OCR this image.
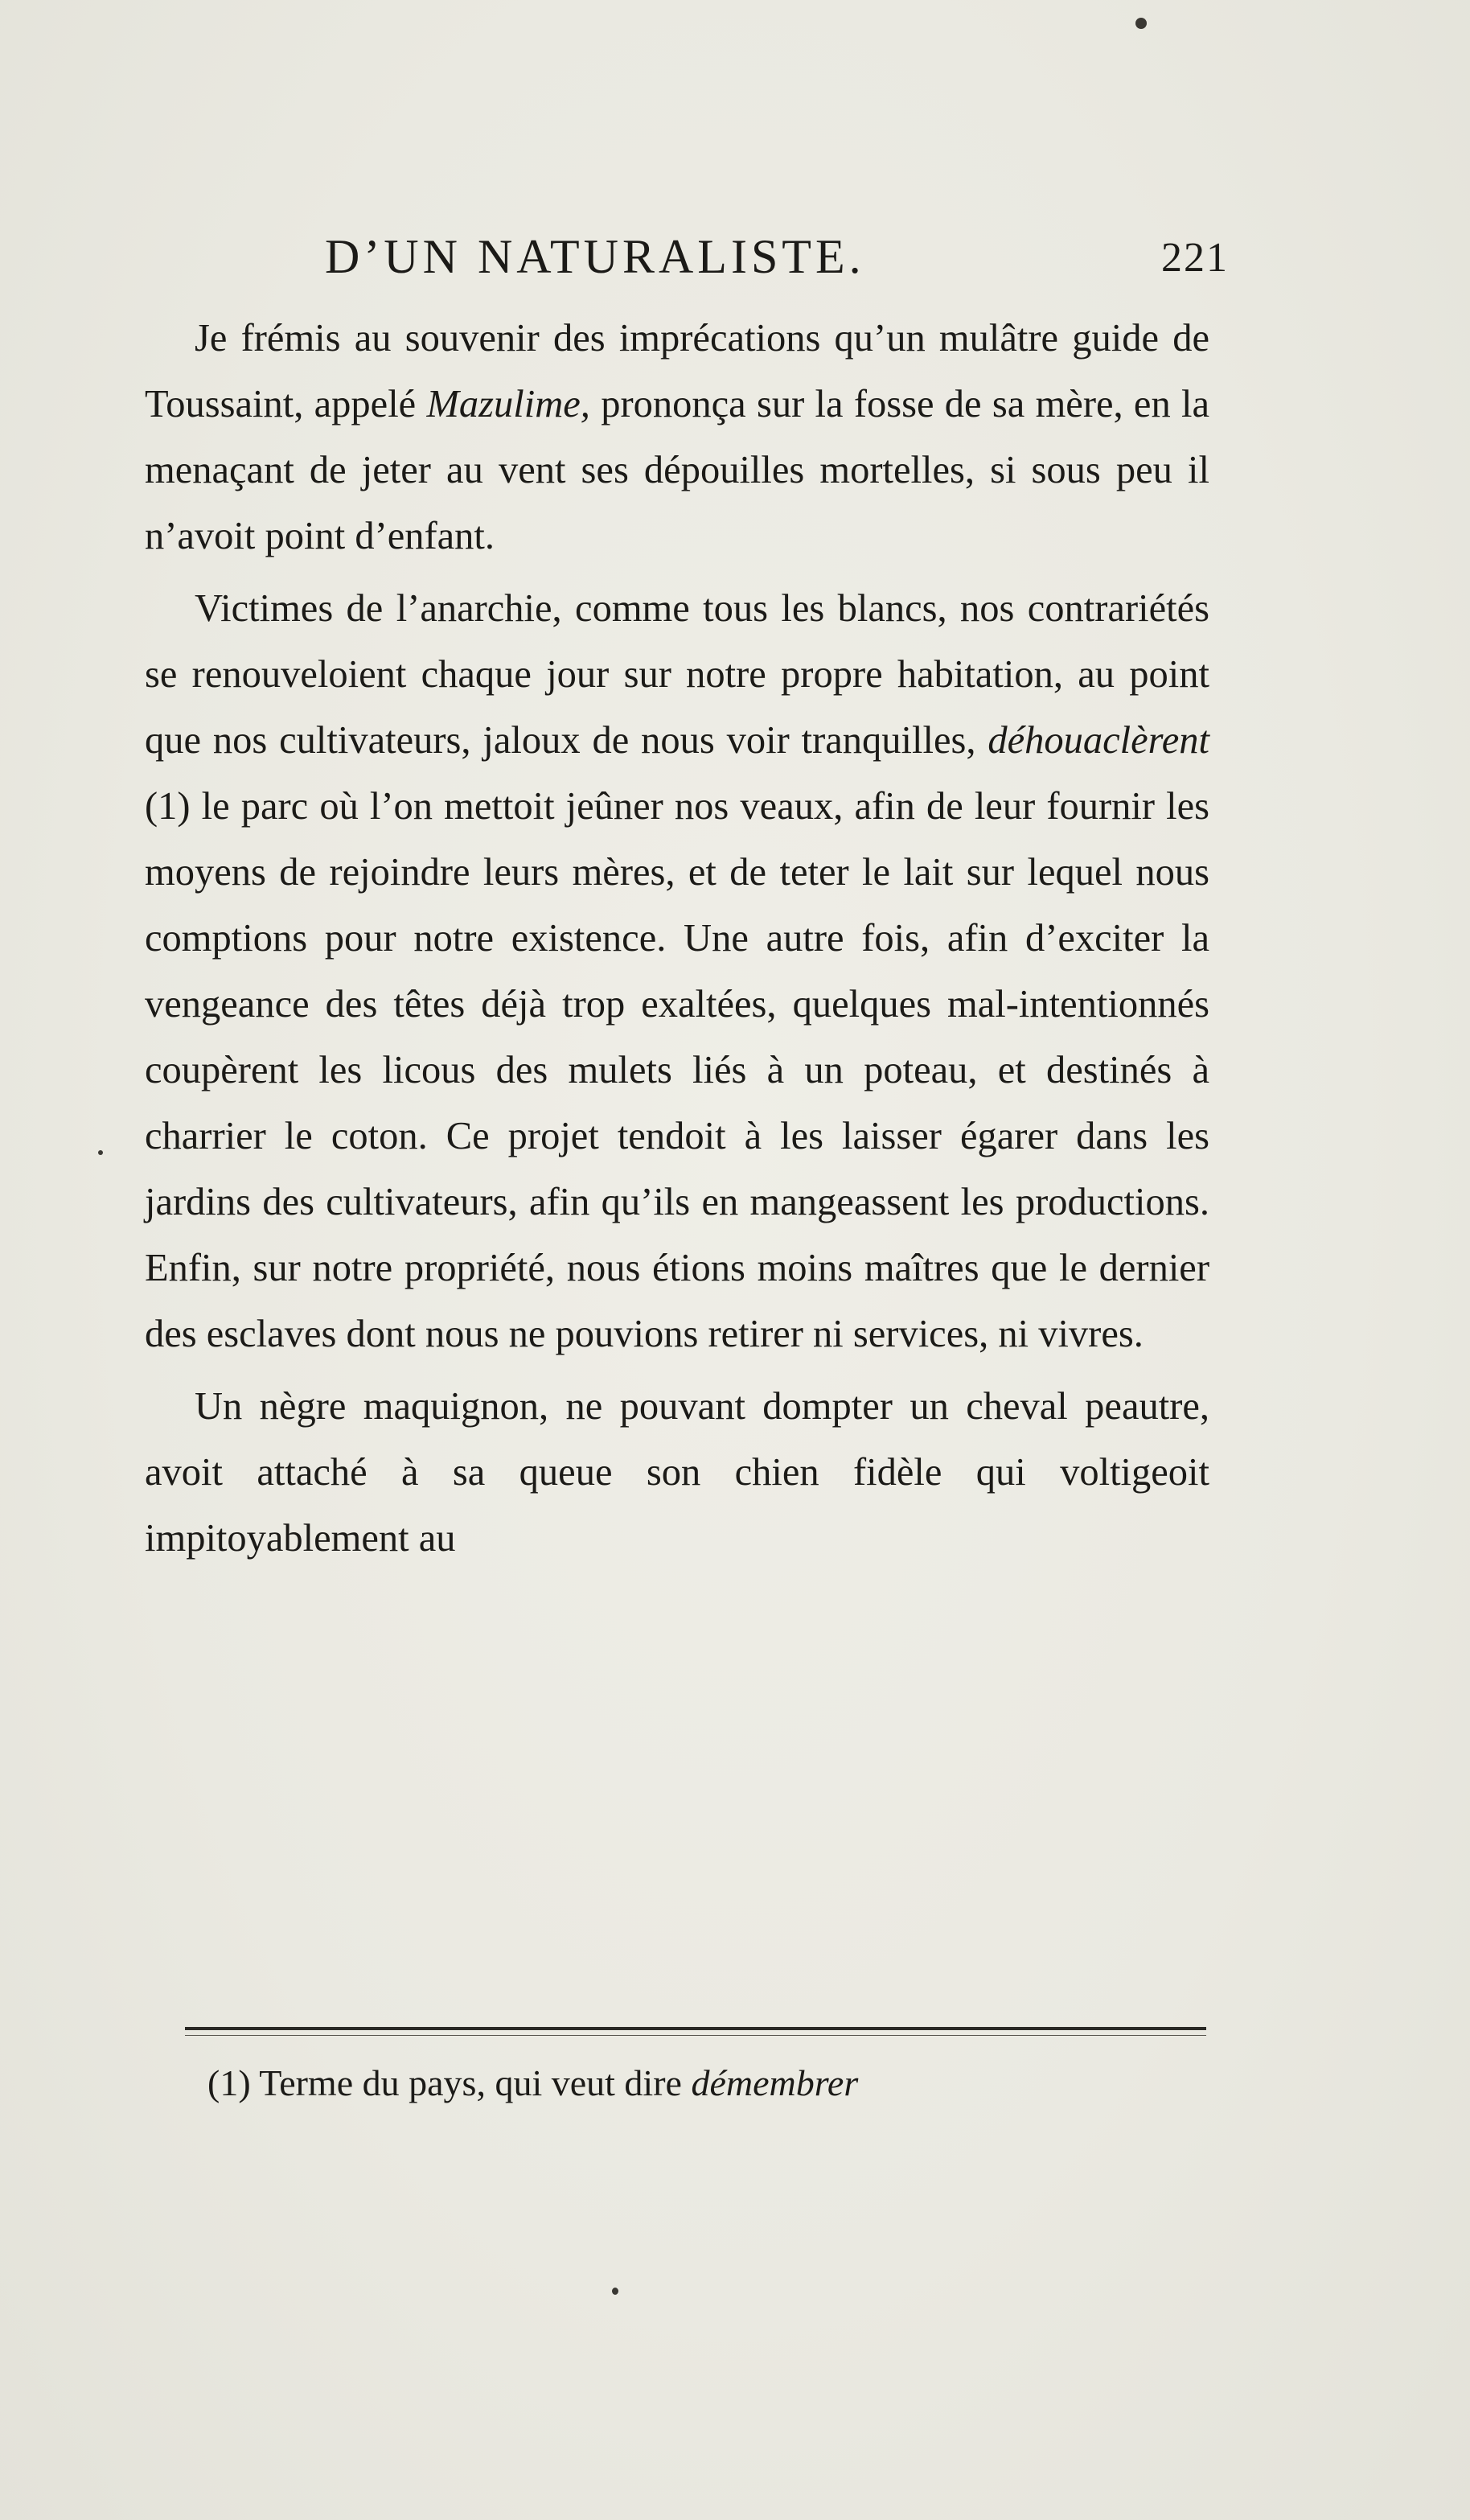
D’UN NATURALISTE.	221

Je frémis au souvenir des imprécations qu’un mulâtre guide de Toussaint, appelé Mazulime, prononça sur la fosse de sa mère, en la menaçant de jeter au vent ses dépouilles mortelles, si sous peu il n’avoit point d’enfant.

Victimes de l’anarchie, comme tous les blancs, nos contrariétés se renouveloient chaque jour sur notre propre habitation, au point que nos cultivateurs, jaloux de nous voir tranquilles, déhouaclèrent (1) le parc où l’on mettoit jeûner nos veaux, afin de leur fournir les moyens de rejoindre leurs mères, et de teter le lait sur lequel nous comptions pour notre existence. Une autre fois, afin d’exciter la vengeance des têtes déjà trop exaltées, quelques mal-intentionnés coupèrent les licous des mulets liés à un poteau, et destinés à charrier le coton. Ce projet tendoit à les laisser égarer dans les jardins des cultivateurs, afin qu’ils en mangeassent les productions. Enfin, sur notre propriété, nous étions moins maîtres que le dernier des esclaves dont nous ne pouvions retirer ni services, ni vivres.

Un nègre maquignon, ne pouvant dompter un cheval peautre, avoit attaché à sa queue son chien fidèle qui voltigeoit impitoyablement au

(1) Terme du pays, qui veut dire démembrer
